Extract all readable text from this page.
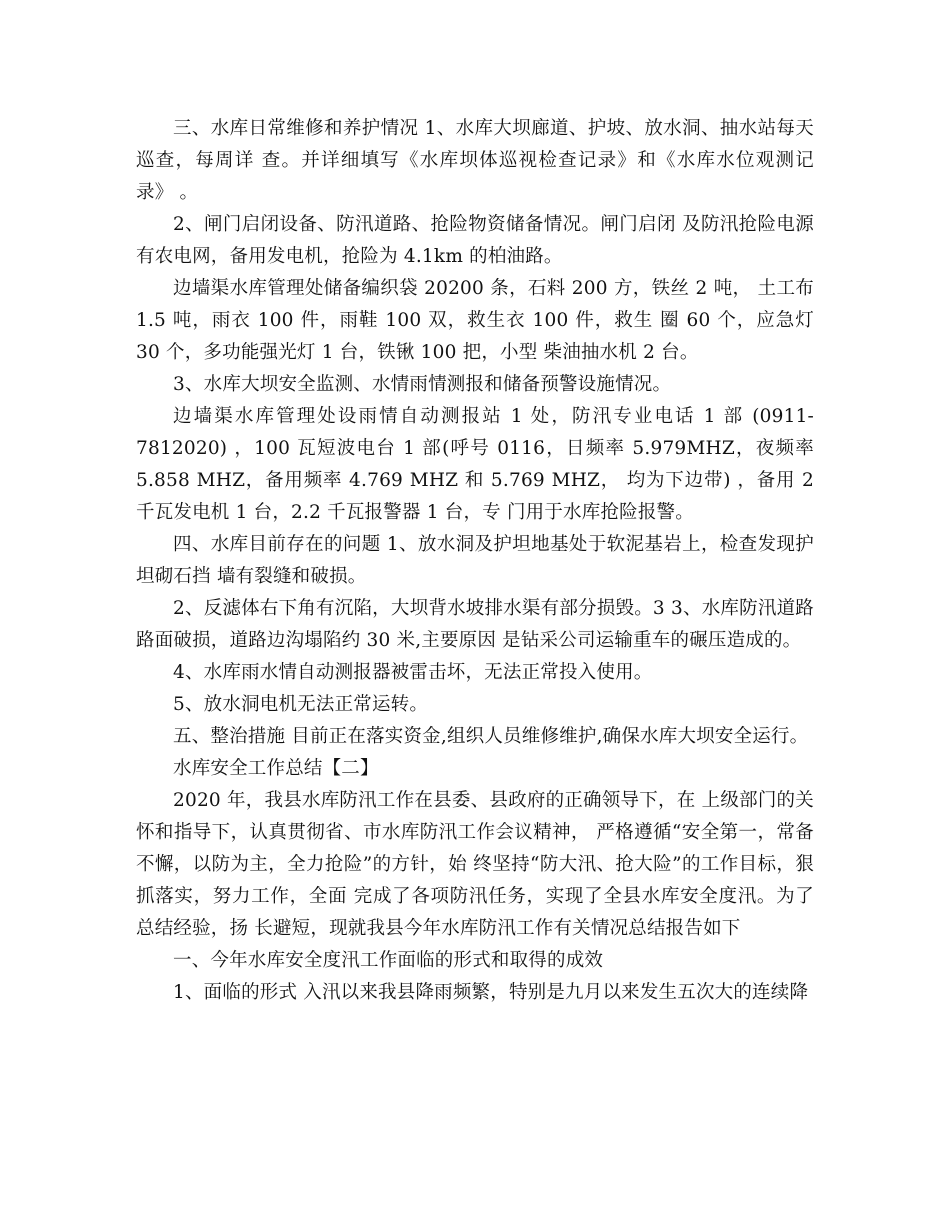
三、水库日常维修和养护情况 1、水库大坝廊道、护坡、放水洞、抽水站每天巡查，每周详 查。并详细填写《水库坝体巡视检查记录》和《水库水位观测记录》 。

2、闸门启闭设备、防汛道路、抢险物资储备情况。闸门启闭 及防汛抢险电源有农电网，备用发电机，抢险为 4.1km 的柏油路。

边墙渠水库管理处储备编织袋 20200 条，石料 200 方，铁丝 2 吨， 土工布 1.5 吨，雨衣 100 件，雨鞋 100 双，救生衣 100 件，救生 圈 60 个，应急灯 30 个，多功能强光灯 1 台，铁锹 100 把，小型 柴油抽水机 2 台。

3、水库大坝安全监测、水情雨情测报和储备预警设施情况。

边墙渠水库管理处设雨情自动测报站 1 处，防汛专业电话 1 部 (0911-7812020) ，100 瓦短波电台 1 部(呼号 0116，日频率 5.979MHZ，夜频率 5.858 MHZ，备用频率 4.769 MHZ 和 5.769 MHZ， 均为下边带) ，备用 2 千瓦发电机 1 台，2.2 千瓦报警器 1 台，专 门用于水库抢险报警。

四、水库目前存在的问题 1、放水洞及护坦地基处于软泥基岩上，检查发现护坦砌石挡 墙有裂缝和破损。

2、反滤体右下角有沉陷，大坝背水坡排水渠有部分损毁。3 3、水库防汛道路路面破损，道路边沟塌陷约 30 米,主要原因 是钻采公司运输重车的碾压造成的。

4、水库雨水情自动测报器被雷击坏，无法正常投入使用。

5、放水洞电机无法正常运转。

五、整治措施 目前正在落实资金,组织人员维修维护,确保水库大坝安全运行。

水库安全工作总结【二】

2020 年，我县水库防汛工作在县委、县政府的正确领导下，在 上级部门的关怀和指导下，认真贯彻省、市水库防汛工作会议精神， 严格遵循“安全第一，常备不懈，以防为主，全力抢险”的方针，始 终坚持“防大汛、抢大险”的工作目标，狠抓落实，努力工作，全面 完成了各项防汛任务，实现了全县水库安全度汛。为了总结经验，扬 长避短，现就我县今年水库防汛工作有关情况总结报告如下

一、今年水库安全度汛工作面临的形式和取得的成效

1、面临的形式 入汛以来我县降雨频繁，特别是九月以来发生五次大的连续降
